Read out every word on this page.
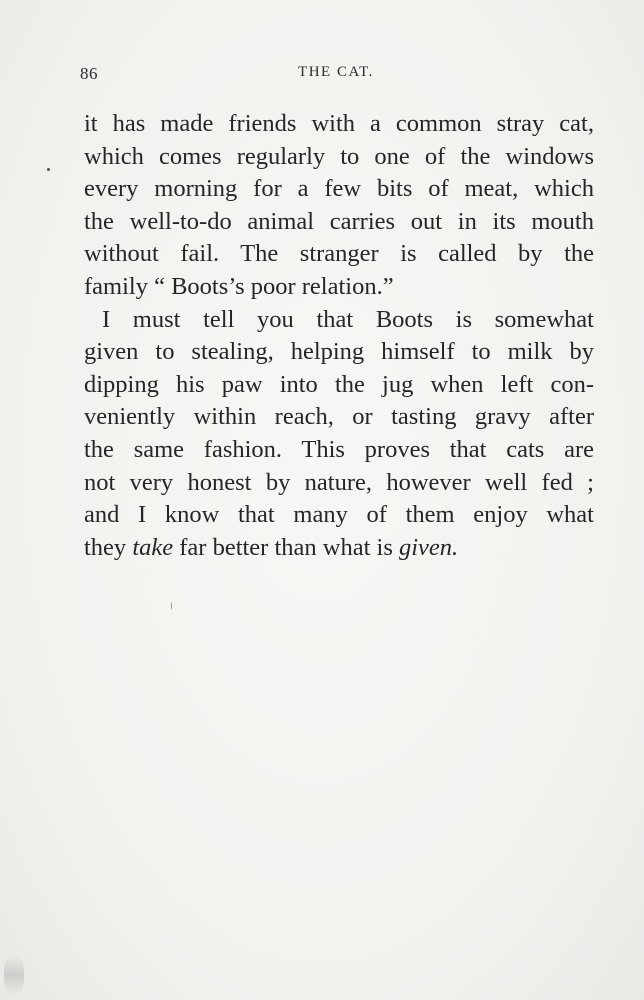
86	THE CAT.
it has made friends with a common stray cat,
which comes regularly to one of the windows
every morning for a few bits of meat, which
the well-to-do animal carries out in its mouth
without fail. The stranger is called by the
family “ Boots’s poor relation.”
I must tell you that Boots is somewhat
given to stealing, helping himself to milk by
dipping his paw into the jug when left con-
veniently within reach, or tasting gravy after
the same fashion. This proves that cats are
not very honest by nature, however well fed ;
and I know that many of them enjoy what
they take far better than what is given.
